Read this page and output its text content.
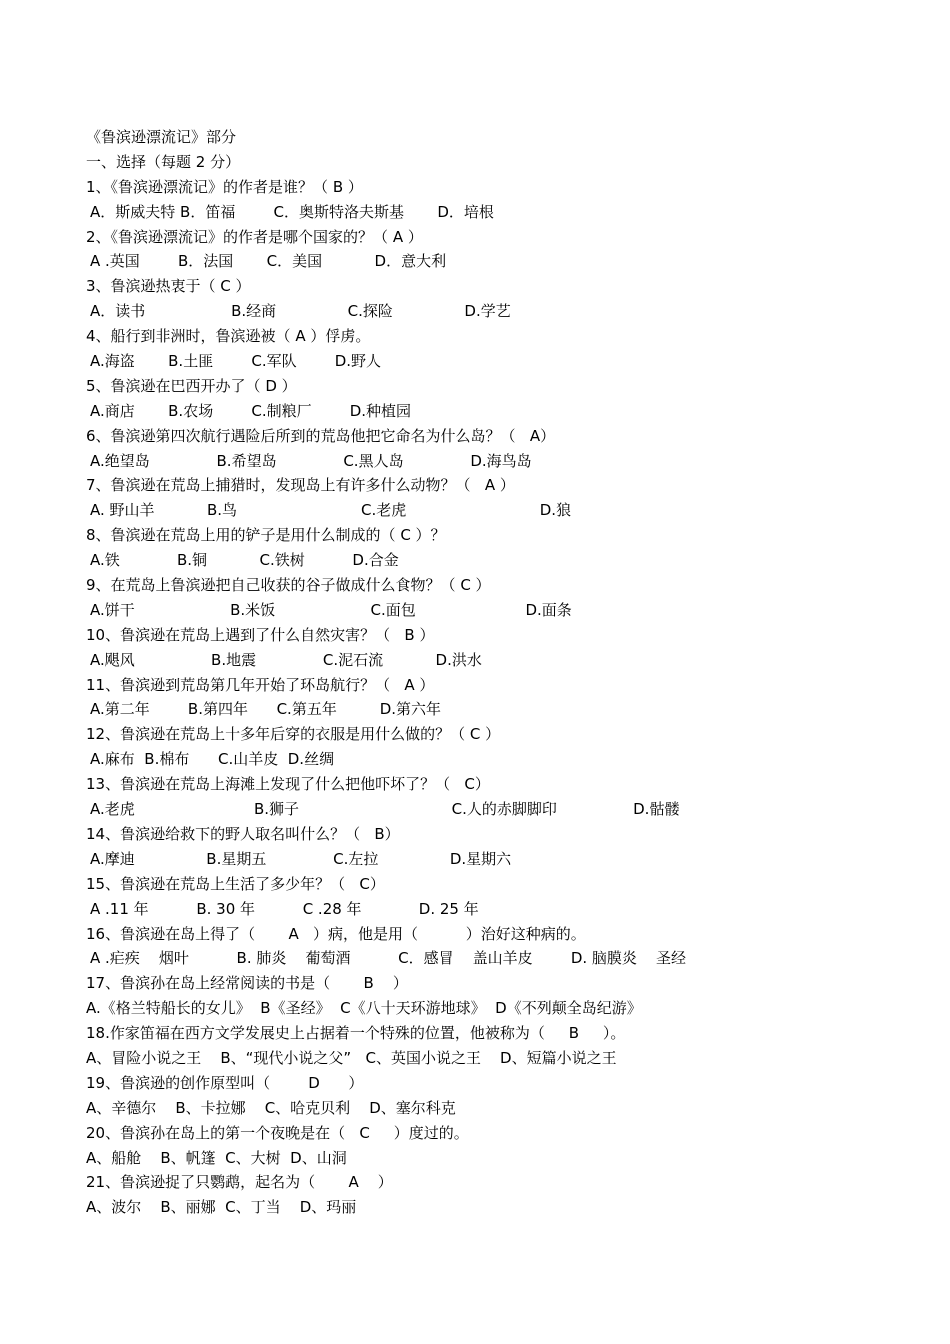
《鲁滨逊漂流记》部分
一、选择（每题 2 分）
1、《鲁滨逊漂流记》的作者是谁？（ B ）
A．斯威夫特 B．笛福        C．奥斯特洛夫斯基       D．培根
2、《鲁滨逊漂流记》的作者是哪个国家的？（ A ）
A .英国        B．法国       C．美国           D．意大利
3、鲁滨逊热衷于（ C ）
A．读书                  B.经商               C.探险               D.学艺
4、船行到非洲时，鲁滨逊被（ A ）俘虏。
A.海盗       B.土匪        C.军队        D.野人
5、鲁滨逊在巴西开办了（ D ）
A.商店       B.农场        C.制粮厂        D.种植园
6、鲁滨逊第四次航行遇险后所到的荒岛他把它命名为什么岛？（   A）
A.绝望岛              B.希望岛              C.黑人岛              D.海鸟岛
7、鲁滨逊在荒岛上捕猎时，发现岛上有许多什么动物？（   A ）
A. 野山羊           B.鸟                          C.老虎                            D.狼
8、鲁滨逊在荒岛上用的铲子是用什么制成的（ C ）？
A.铁            B.铜           C.铁树          D.合金
9、在荒岛上鲁滨逊把自己收获的谷子做成什么食物？（ C ）
A.饼干                    B.米饭                    C.面包                       D.面条
10、鲁滨逊在荒岛上遇到了什么自然灾害？（   B ）
A.飓风                B.地震              C.泥石流           D.洪水
11、鲁滨逊到荒岛第几年开始了环岛航行？（   A ）
A.第二年        B.第四年      C.第五年         D.第六年
12、鲁滨逊在荒岛上十多年后穿的衣服是用什么做的？（ C ）
A.麻布  B.棉布      C.山羊皮  D.丝绸
13、鲁滨逊在荒岛上海滩上发现了什么把他吓坏了？（   C）
A.老虎                         B.狮子                                C.人的赤脚脚印                D.骷髅
14、鲁滨逊给救下的野人取名叫什么？（   B）
A.摩迪               B.星期五              C.左拉               D.星期六
15、鲁滨逊在荒岛上生活了多少年？（   C）
A .11 年          B. 30 年          C .28 年            D. 25 年
16、鲁滨逊在岛上得了（       A   ）病，他是用（          ）治好这种病的。
A .疟疾    烟叶          B. 肺炎    葡萄酒          C．感冒    盖山羊皮        D. 脑膜炎    圣经
17、鲁滨孙在岛上经常阅读的书是（       B    ）
A.《格兰特船长的女儿》  B《圣经》  C《八十天环游地球》  D《不列颠全岛纪游》
18.作家笛福在西方文学发展史上占据着一个特殊的位置，他被称为（     B     ）。
A、冒险小说之王    B、“现代小说之父”   C、英国小说之王    D、短篇小说之王
19、鲁滨逊的创作原型叫（        D      ）
A、辛德尔    B、卡拉娜    C、哈克贝利    D、塞尔科克
20、鲁滨孙在岛上的第一个夜晚是在（   C     ）度过的。
A、船舱    B、帆篷  C、大树  D、山洞
21、鲁滨逊捉了只鹦鹉，起名为（       A    ）
A、波尔    B、丽娜  C、丁当    D、玛丽
